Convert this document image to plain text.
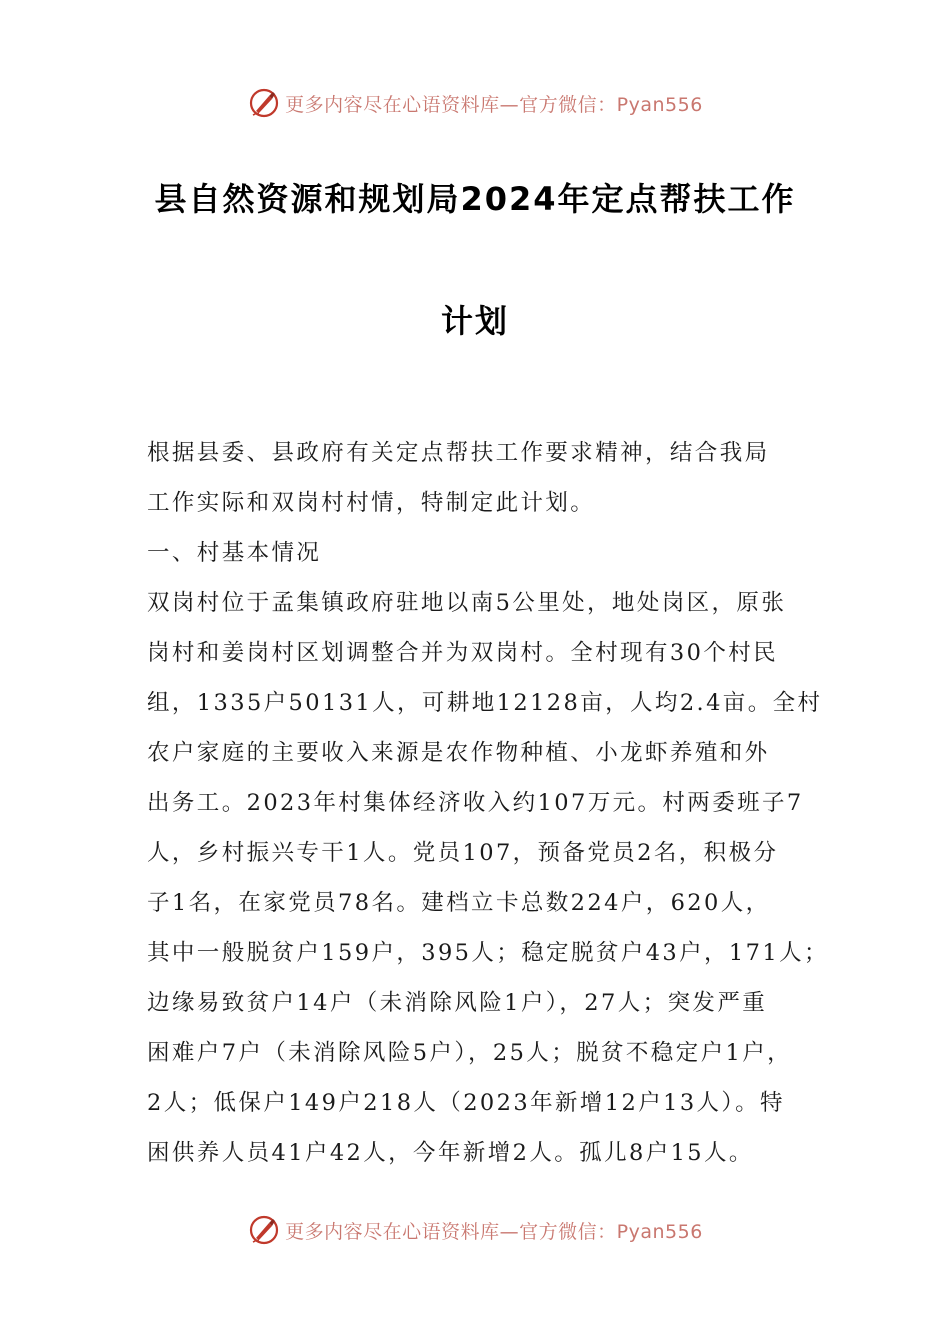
更多内容尽在心语资料库—官方微信：Pyan556
县自然资源和规划局2024年定点帮扶工作
计划
根据县委、县政府有关定点帮扶工作要求精神，结合我局
工作实际和双岗村村情，特制定此计划。
一、村基本情况
双岗村位于孟集镇政府驻地以南5公里处，地处岗区，原张
岗村和姜岗村区划调整合并为双岗村。全村现有30个村民
组，1335户50131人，可耕地12128亩，人均2.4亩。全村
农户家庭的主要收入来源是农作物种植、小龙虾养殖和外
出务工。2023年村集体经济收入约107万元。村两委班子7
人，乡村振兴专干1人。党员107，预备党员2名，积极分
子1名，在家党员78名。建档立卡总数224户，620人，
其中一般脱贫户159户，395人；稳定脱贫户43户，171人；
边缘易致贫户14户（未消除风险1户），27人；突发严重
困难户7户（未消除风险5户），25人；脱贫不稳定户1户，
2人；低保户149户218人（2023年新增12户13人）。特
困供养人员41户42人，今年新增2人。孤儿8户15人。
更多内容尽在心语资料库—官方微信：Pyan556
